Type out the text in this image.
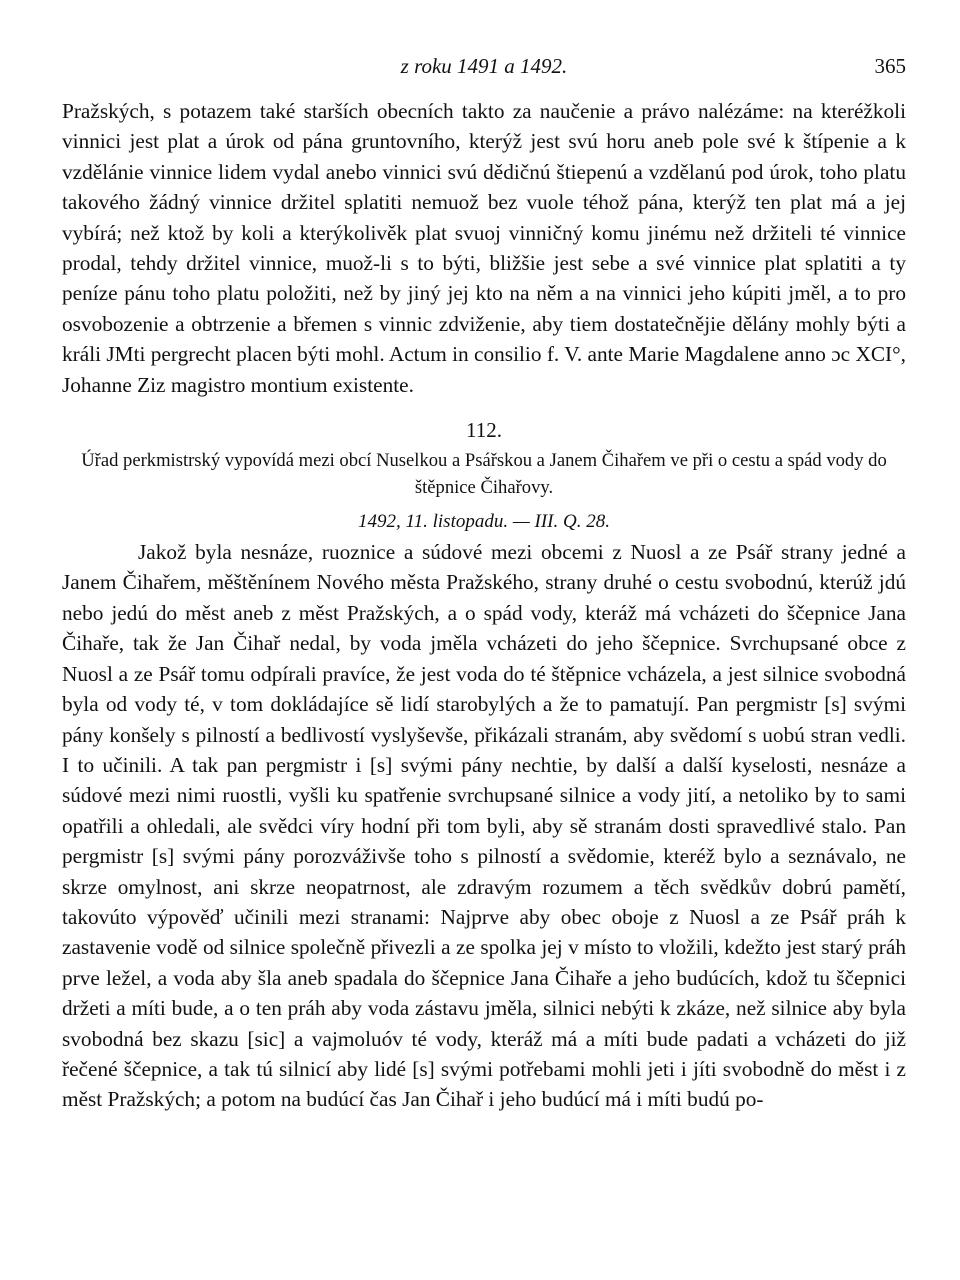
z roku 1491 a 1492.	365

Pražských, s potazem také starších obecních takto za naučenie a právo nalézáme: na kteréžkoli vinnici jest plat a úrok od pána gruntovního, kterýž jest svú horu aneb pole své k štípenie a k vzdělánie vinnice lidem vydal anebo vinnici svú dědičnú štiepenú a vzdělanú pod úrok, toho platu takového žádný vinnice držitel splatiti nemuož bez vuole téhož pána, kterýž ten plat má a jej vybírá; než ktož by koli a kterýkolivěk plat svuoj vinničný komu jinému než držiteli té vinnice prodal, tehdy držitel vinnice, muož-li s to býti, bližšie jest sebe a své vinnice plat splatiti a ty peníze pánu toho platu položiti, než by jiný jej kto na něm a na vinnici jeho kúpiti jměl, a to pro osvobozenie a obtrzenie a břemen s vinnic zdviženie, aby tiem dostatečnějie dělány mohly býti a králi JMti pergrecht placen býti mohl. Actum in consilio f. V. ante Marie Magdalene anno ɔc XCI°, Johanne Ziz magistro montium existente.

112.

Úřad perkmistrský vypovídá mezi obcí Nuselkou a Psářskou a Janem Čihařem ve při o cestu a spád vody do štěpnice Čihařovy.

1492, 11. listopadu. — III. Q. 28.

Jakož byla nesnáze, ruoznice a súdové mezi obcemi z Nuosl a ze Psář strany jedné a Janem Čihařem, měštěnínem Nového města Pražského, strany druhé o cestu svobodnú, kterúž jdú nebo jedú do měst aneb z měst Pražských, a o spád vody, kteráž má vcházeti do ščepnice Jana Čihaře, tak že Jan Čihař nedal, by voda jměla vcházeti do jeho ščepnice. Svrchupsané obce z Nuosl a ze Psář tomu odpírali pravíce, že jest voda do té štěpnice vcházela, a jest silnice svobodná byla od vody té, v tom dokládajíce sě lidí starobylých a že to pamatují. Pan pergmistr [s] svými pány konšely s pilností a bedlivostí vyslyševše, přikázali stranám, aby svědomí s uobú stran vedli. I to učinili. A tak pan pergmistr i [s] svými pány nechtie, by další a další kyselosti, nesnáze a súdové mezi nimi ruostli, vyšli ku spatřenie svrchupsané silnice a vody jití, a netoliko by to sami opatřili a ohledali, ale svědci víry hodní při tom byli, aby sě stranám dosti spravedlivé stalo. Pan pergmistr [s] svými pány porozváživše toho s pilností a svědomie, kteréž bylo a seznávalo, ne skrze omylnost, ani skrze neopatrnost, ale zdravým rozumem a těch svědkův dobrú pamětí, takovúto výpověď učinili mezi stranami: Najprve aby obec oboje z Nuosl a ze Psář práh k zastavenie vodě od silnice společně přivezli a ze spolka jej v místo to vložili, kdežto jest starý práh prve ležel, a voda aby šla aneb spadala do ščepnice Jana Čihaře a jeho budúcích, kdož tu ščepnici držeti a míti bude, a o ten práh aby voda zástavu jměla, silnici nebýti k zkáze, než silnice aby byla svobodná bez skazu [sic] a vajmoluóv té vody, kteráž má a míti bude padati a vcházeti do již řečené ščepnice, a tak tú silnicí aby lidé [s] svými potřebami mohli jeti i jíti svobodně do měst i z měst Pražských; a potom na budúcí čas Jan Čihař i jeho budúcí má i míti budú po-
